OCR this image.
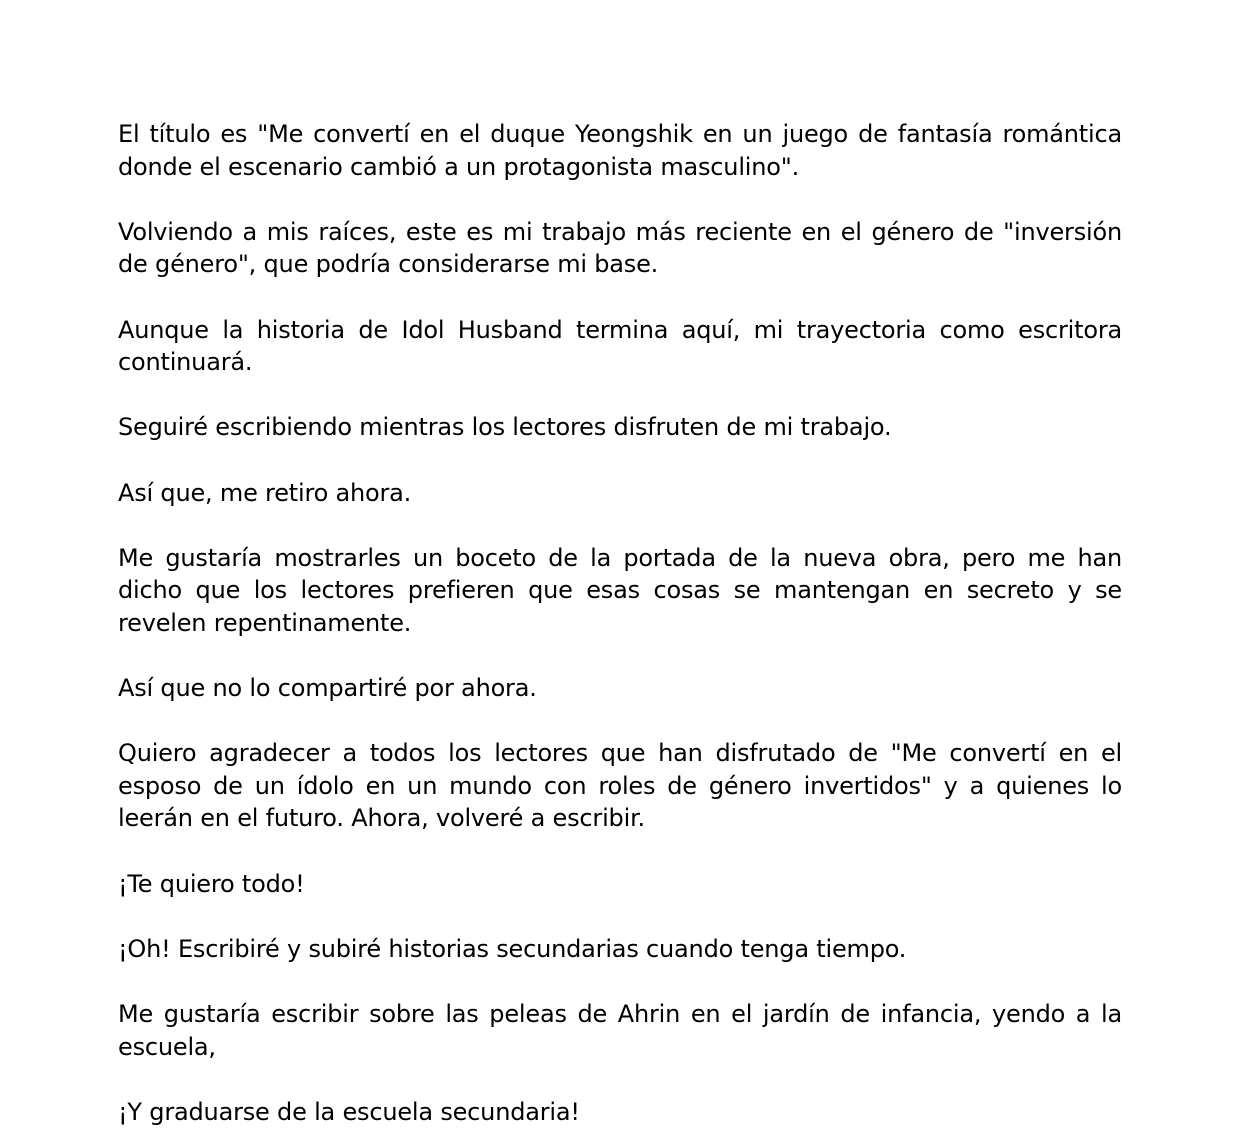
El título es "Me convertí en el duque Yeongshik en un juego de fantasía romántica donde el escenario cambió a un protagonista masculino".

Volviendo a mis raíces, este es mi trabajo más reciente en el género de "inversión de género", que podría considerarse mi base.

Aunque la historia de Idol Husband termina aquí, mi trayectoria como escritora continuará.

Seguiré escribiendo mientras los lectores disfruten de mi trabajo.

Así que, me retiro ahora.

Me gustaría mostrarles un boceto de la portada de la nueva obra, pero me han dicho que los lectores prefieren que esas cosas se mantengan en secreto y se revelen repentinamente.

Así que no lo compartiré por ahora.

Quiero agradecer a todos los lectores que han disfrutado de "Me convertí en el esposo de un ídolo en un mundo con roles de género invertidos" y a quienes lo leerán en el futuro. Ahora, volveré a escribir.

¡Te quiero todo!

¡Oh! Escribiré y subiré historias secundarias cuando tenga tiempo.

Me gustaría escribir sobre las peleas de Ahrin en el jardín de infancia, yendo a la escuela,

¡Y graduarse de la escuela secundaria!
